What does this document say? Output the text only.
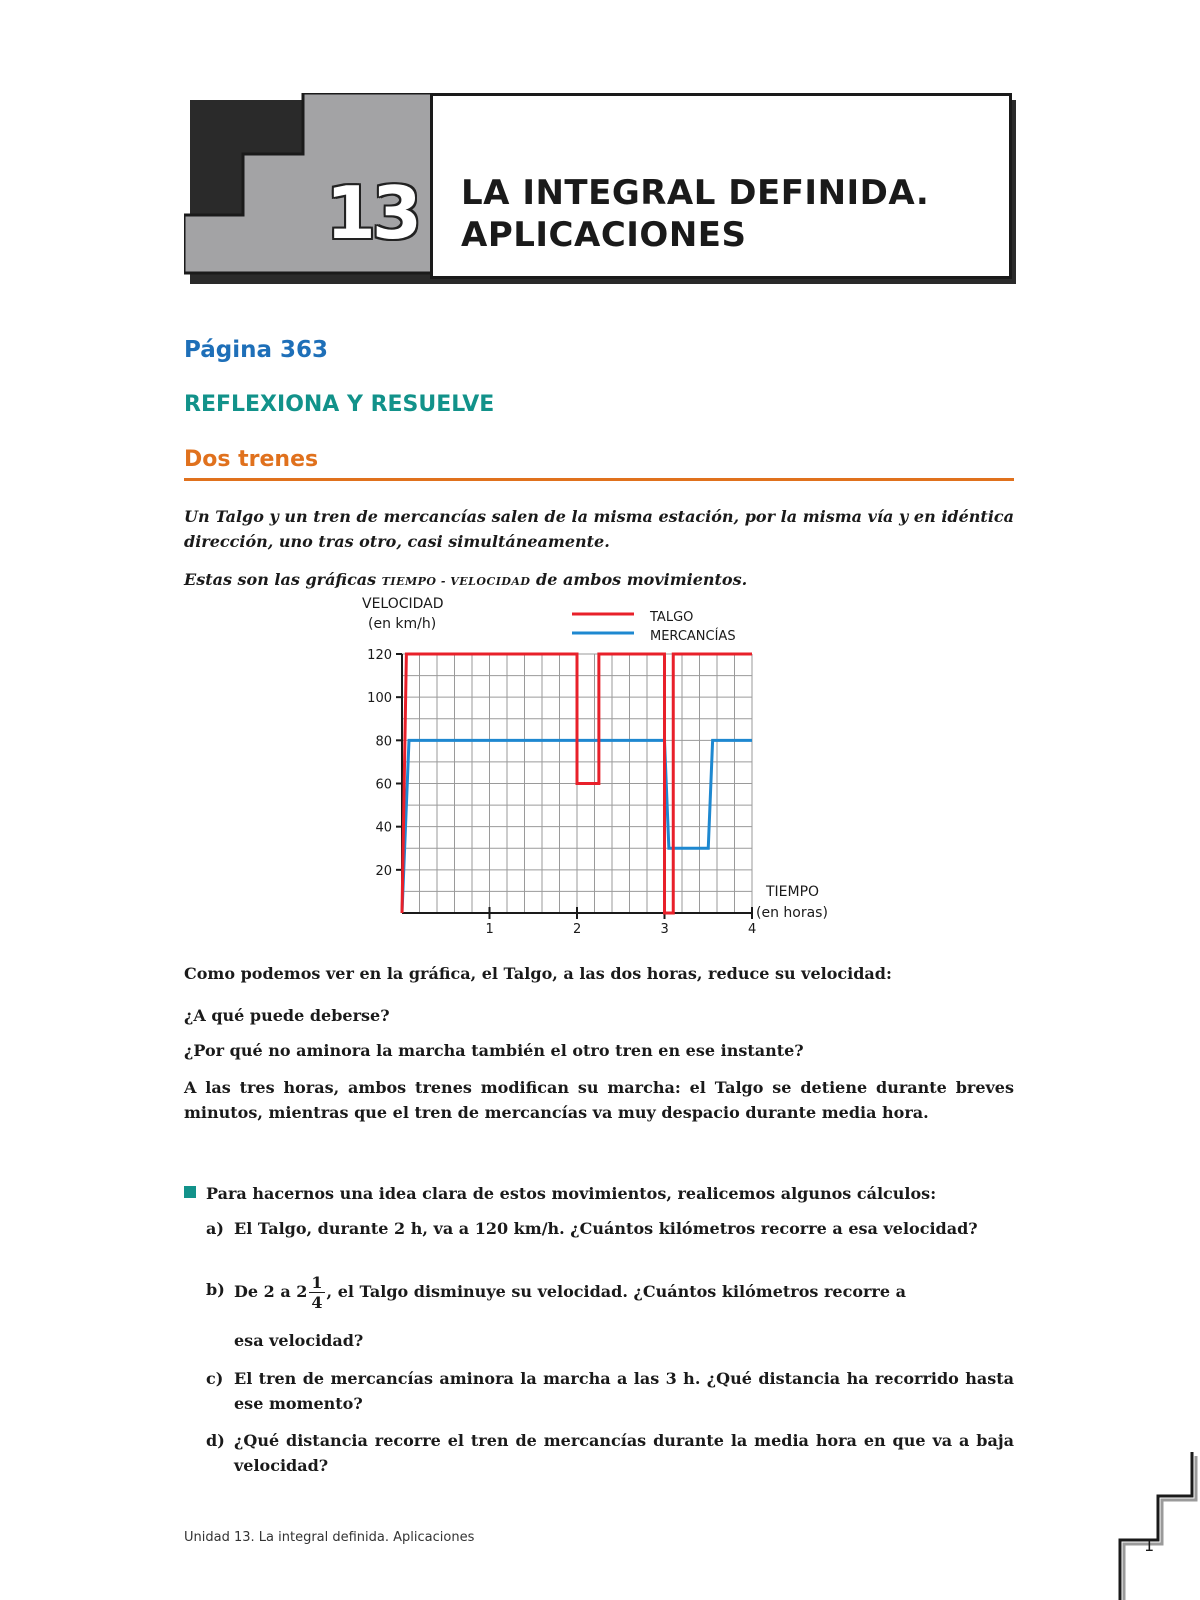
13 LA INTEGRAL DEFINIDA.
APLICACIONES
Página 363
REFLEXIONA Y RESUELVE
Dos trenes

Un Talgo y un tren de mercancías salen de la misma estación, por la misma vía y en idéntica dirección, uno tras otro, casi simultáneamente.

Estas son las gráficas TIEMPO - VELOCIDAD de ambos movimientos.

1	2	3	4
20
40
60
80
100
120
TALGO
MERCANCÍAS
VELOCIDAD
(en km/h)
TIEMPO
(en horas)

Como podemos ver en la gráfica, el Talgo, a las dos horas, reduce su velocidad:

¿A qué puede deberse?

¿Por qué no aminora la marcha también el otro tren en ese instante?

A las tres horas, ambos trenes modifican su marcha: el Talgo se detiene durante breves minutos, mientras que el tren de mercancías va muy despacio durante media hora.

Para hacernos una idea clara de estos movimientos, realicemos algunos cálculos:
a) El Talgo, durante 2 h, va a 120 km/h. ¿Cuántos kilómetros recorre a esa velocidad?
b) De 2 a $2 \frac{1}{4}$ , el Talgo disminuye su velocidad. ¿Cuántos kilómetros recorre a
esa velocidad?
c) El tren de mercancías aminora la marcha a las 3 h. ¿Qué distancia ha recorrido hasta ese momento?
d) ¿Qué distancia recorre el tren de mercancías durante la media hora en que va a baja velocidad?

Unidad 13. La integral definida. Aplicaciones	1
